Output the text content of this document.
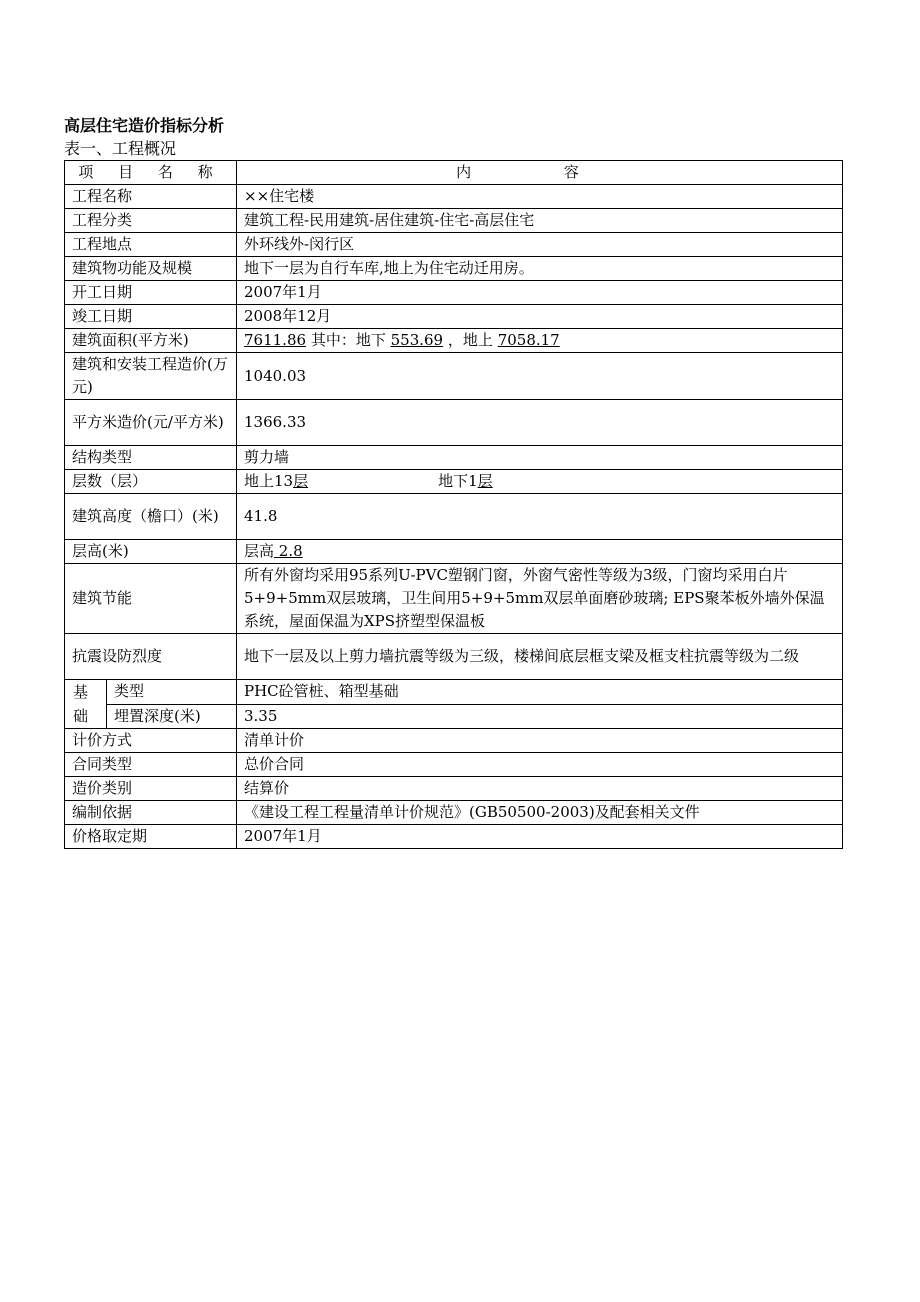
高层住宅造价指标分析

表一、工程概况

项 目 名 称		内 容
工程名称		××住宅楼
工程分类		建筑工程-民用建筑-居住建筑-住宅-高层住宅
工程地点		外环线外-闵行区
建筑物功能及规模		地下一层为自行车库,地上为住宅动迁用房。
开工日期		2007年1月
竣工日期		2008年12月
建筑面积(平方米)		7611.86 其中：地下 553.69 ，地上 7058.17
建筑和安装工程造价(万元)		1040.03
平方米造价(元/平方米)		1366.33
结构类型		剪力墙
层数（层）		地上13层 地下1层
建筑高度（檐口）(米)		41.8
层高(米)		层高 2.8
建筑节能		所有外窗均采用95系列U-PVC塑钢门窗，外窗气密性等级为3级，门窗均采用白片5+9+5mm双层玻璃，卫生间用5+9+5mm双层单面磨砂玻璃; EPS聚苯板外墙外保温系统，屋面保温为XPS挤塑型保温板
抗震设防烈度		地下一层及以上剪力墙抗震等级为三级，楼梯间底层框支梁及框支柱抗震等级为二级
基础	类型	PHC砼管桩、箱型基础
	埋置深度(米)	3.35
计价方式		清单计价
合同类型		总价合同
造价类别		结算价
编制依据		《建设工程工程量清单计价规范》(GB50500-2003)及配套相关文件
价格取定期		2007年1月
